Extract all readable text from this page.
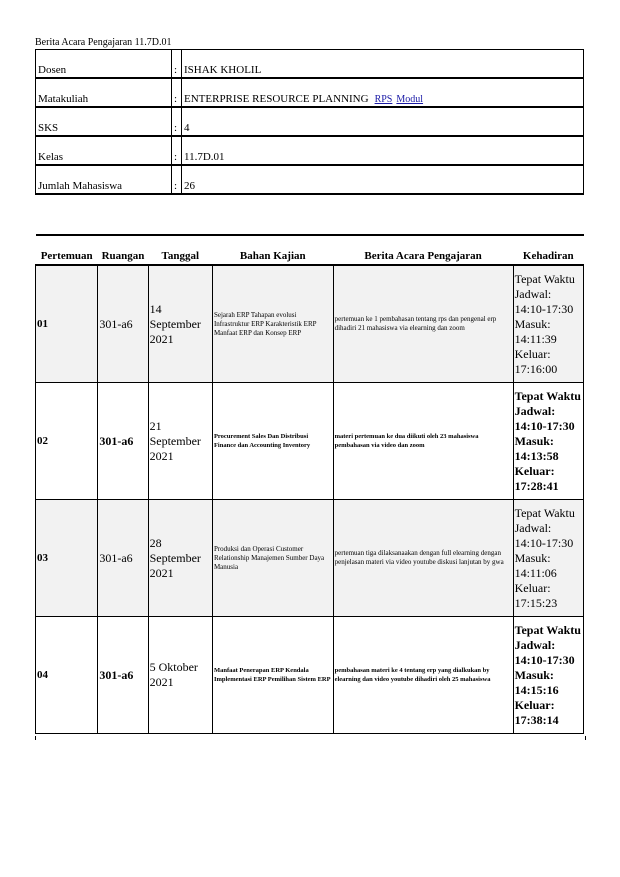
Berita Acara Pengajaran 11.7D.01
Dosen	:	ISHAK KHOLIL
Matakuliah	:	ENTERPRISE RESOURCE PLANNING RPS Modul
SKS	:	4
Kelas	:	11.7D.01
Jumlah Mahasiswa	:	26
Pertemuan	Ruangan	Tanggal	Bahan Kajian	Berita Acara Pengajaran	Kehadiran
01	301-a6	14 September 2021	Sejarah ERP Tahapan evolusi Infrastruktur ERP Karakteristik ERP Manfaat ERP dan Konsep ERP	pertemuan ke 1 pembahasan tentang rps dan pengenal erp dihadiri 21 mahasiswa via elearning dan zoom	Tepat Waktu
Jadwal: 14:10-17:30
Masuk: 14:11:39
Keluar: 17:16:00

02	301-a6	21 September 2021	Procurement Sales Dan Distribusi Finance dan Accounting Inventory	materi pertemuan ke dua diikuti oleh 23 mahasiswa pembahasan via video dan zoom	Tepat Waktu
Jadwal: 14:10-17:30
Masuk: 14:13:58
Keluar: 17:28:41

03	301-a6	28 September 2021	Produksi dan Operasi Customer Relationship Manajemen Sumber Daya Manusia	pertemuan tiga dilaksanaakan dengan full elearning dengan penjelasan materi via video youtube diskusi lanjutan by gwa	Tepat Waktu
Jadwal: 14:10-17:30
Masuk: 14:11:06
Keluar: 17:15:23

04	301-a6	5 Oktober 2021	Manfaat Penerapan ERP Kendala Implementasi ERP Pemilihan Sistem ERP	pembahasan materi ke 4 tentang erp yang dialkukan by elearning dan video youtube dihadiri oleh 25 mahasiswa	Tepat Waktu
Jadwal: 14:10-17:30
Masuk: 14:15:16
Keluar: 17:38:14
